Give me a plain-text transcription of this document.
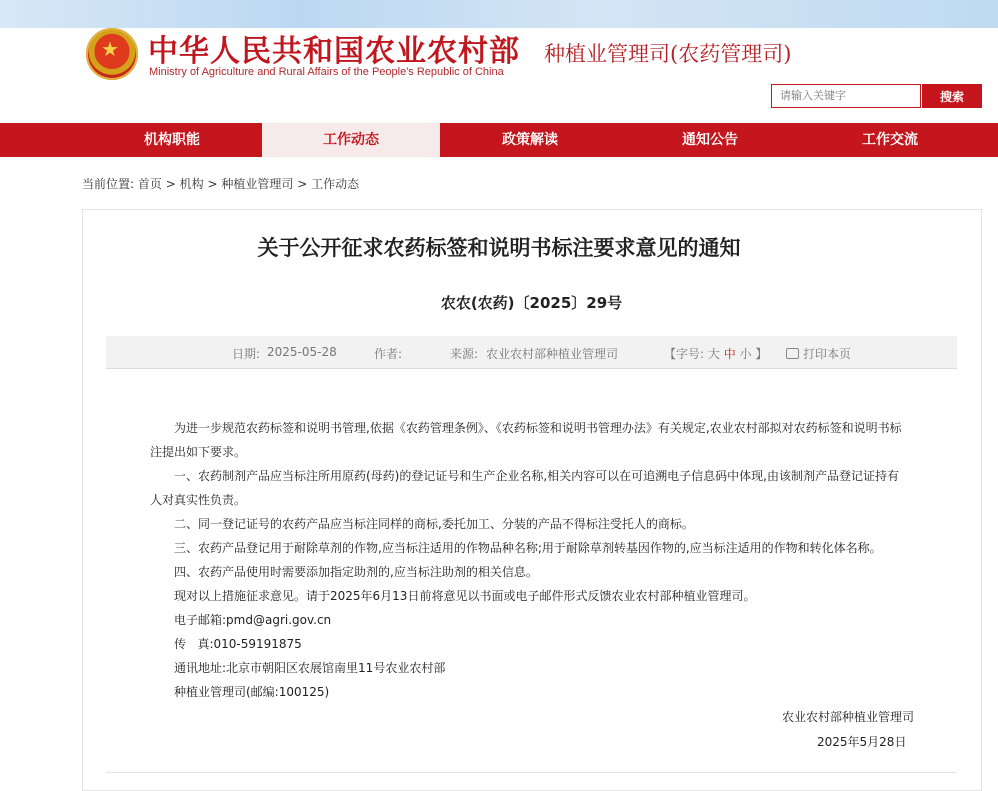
★
中华人民共和国农业农村部
Ministry of Agriculture and Rural Affairs of the People's Republic of China
种植业管理司(农药管理司)
请输入关键字
搜索
机构职能	工作动态	政策解读	通知公告	工作交流
当前位置: 首页 > 机构 > 种植业管理司 > 工作动态
关于公开征求农药标签和说明书标注要求意见的通知
农农(农药)〔2025〕29号
日期: 2025-05-28	作者:	来源: 农业农村部种植业管理司	【字号: 大 中 小 】	打印本页

为进一步规范农药标签和说明书管理,依据《农药管理条例》、《农药标签和说明书管理办法》有关规定,农业农村部拟对农药标签和说明书标注提出如下要求。

一、农药制剂产品应当标注所用原药(母药)的登记证号和生产企业名称,相关内容可以在可追溯电子信息码中体现,由该制剂产品登记证持有人对真实性负责。

二、同一登记证号的农药产品应当标注同样的商标,委托加工、分装的产品不得标注受托人的商标。

三、农药产品登记用于耐除草剂的作物,应当标注适用的作物品种名称;用于耐除草剂转基因作物的,应当标注适用的作物和转化体名称。

四、农药产品使用时需要添加指定助剂的,应当标注助剂的相关信息。

现对以上措施征求意见。请于2025年6月13日前将意见以书面或电子邮件形式反馈农业农村部种植业管理司。

电子邮箱:pmd@agri.gov.cn

传   真:010-59191875

通讯地址:北京市朝阳区农展馆南里11号农业农村部

种植业管理司(邮编:100125)

农业农村部种植业管理司
2025年5月28日
